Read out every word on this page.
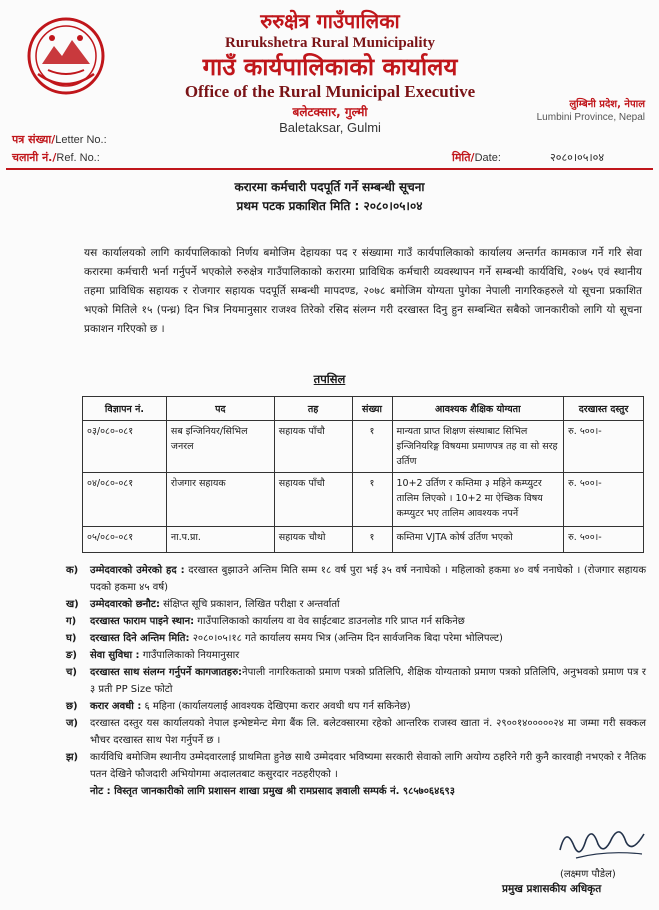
रुरुक्षेत्र गाउँपालिका
Rurukshetra Rural Municipality
गाउँ कार्यपालिकाको कार्यालय
Office of the Rural Municipal Executive
बलेटक्सार, गुल्मी
Baletaksar, Gulmi
लुम्बिनी प्रदेश, नेपाल
Lumbini Province, Nepal
पत्र संख्या/Letter No.:
चलानी नं./Ref. No.:	मिति/Date:	२०८०।०५।०४
करारमा कर्मचारी पदपूर्ति गर्ने सम्बन्धी सूचना
प्रथम पटक प्रकाशित मिति : २०८०।०५।०४
यस कार्यालयको लागि कार्यपालिकाको निर्णय बमोजिम देहायका पद र संख्यामा गाउँ कार्यपालिकाको कार्यालय अन्तर्गत कामकाज गर्ने गरि सेवा करारमा कर्मचारी भर्ना गर्नुपर्ने भएकोले रुरुक्षेत्र गाउँपालिकाको करारमा प्राविधिक कर्मचारी व्यवस्थापन गर्ने सम्बन्धी कार्यविधि, २०७५ एवं स्थानीय तहमा प्राविधिक सहायक र रोजगार सहायक पदपूर्ति सम्बन्धी मापदण्ड, २०७८ बमोजिम योग्यता पुगेका नेपाली नागरिकहरुले यो सूचना प्रकाशित भएको मितिले १५ (पन्ध्र) दिन भित्र नियमानुसार राजश्व तिरेको रसिद संलग्न गरी दरखास्त दिनु हुन सम्बन्धित सबैको जानकारीको लागि यो सूचना प्रकाशन गरिएको छ ।
तपसिल
विज्ञापन नं.	पद	तह	संख्या	आवश्यक शैक्षिक योग्यता	दरखास्त दस्तुर
०३/०८०-०८१	सब इन्जिनियर/सिभिल जनरल	सहायक पाँचौ	१	मान्यता प्राप्त शिक्षण संस्थाबाट सिभिल इन्जिनियरिङ्ग विषयमा प्रमाणपत्र तह वा सो सरह उर्तिण	रु. ५००।-
०४/०८०-०८१	रोजगार सहायक	सहायक पाँचौ	१	10+2 उर्तिण र कम्तिमा ३ महिने कम्प्युटर तालिम लिएको । 10+2 मा ऐच्छिक विषय कम्प्युटर भए तालिम आवश्यक नपर्ने	रु. ५००।-
०५/०८०-०८१	ना.प.प्रा.	सहायक चौथो	१	कम्तिमा VJTA कोर्ष उर्तिण भएको	रु. ५००।-
क)	उम्मेदवारको उमेरको हद : दरखास्त बुझाउने अन्तिम मिति सम्म १८ वर्ष पुरा भई ३५ वर्ष ननाघेको । महिलाको हकमा ४० वर्ष ननाघेको । (रोजगार सहायक पदको हकमा ४५ वर्ष)
ख)	उम्मेदवारको छनौट: संक्षिप्त सूचि प्रकाशन, लिखित परीक्षा र अन्तर्वार्ता
ग)	दरखास्त फाराम पाइने स्थान: गाउँपालिकाको कार्यालय वा वेव साईटबाट डाउनलोड गरि प्राप्त गर्न सकिनेछ
घ)	दरखास्त दिने अन्तिम मिति: २०८०।०५।१८ गते कार्यालय समय भित्र (अन्तिम दिन सार्वजनिक बिदा परेमा भोलिपल्ट)
ङ)	सेवा सुविधा : गाउँपालिकाको नियमानुसार
च)	दरखास्त साथ संलग्न गर्नुपर्ने कागजातहरु:नेपाली नागरिकताको प्रमाण पत्रको प्रतिलिपि, शैक्षिक योग्यताको प्रमाण पत्रको प्रतिलिपि, अनुभवको प्रमाण पत्र र ३ प्रती PP Size फोटो
छ)	करार अवधी : ६ महिना (कार्यालयलाई आवश्यक देखिएमा करार अवधी थप गर्न सकिनेछ)
ज)	दरखास्त दस्तुर यस कार्यालयको नेपाल इन्भेष्टमेन्ट मेगा बैंक लि. बलेटक्सारमा रहेको आन्तरिक राजस्व खाता नं. २९००१४०००००२४ मा जम्मा गरी सक्कल भौचर दरखास्त साथ पेश गर्नुपर्ने छ ।
झ)	कार्यविधि बमोजिम स्थानीय उम्मेदवारलाई प्राथमिता हुनेछ साथै उम्मेदवार भविष्यमा सरकारी सेवाको लागि अयोग्य ठहरिने गरी कुनै कारवाही नभएको र नैतिक पतन देखिने फौजदारी अभियोगमा अदालतबाट कसुरदार नठहरीएको ।
नोट : विस्तृत जानकारीको लागि प्रशासन शाखा प्रमुख श्री रामप्रसाद ज्ञवाली सम्पर्क नं. ९८५७०६४६९३
(लक्ष्मण पौडेल)
प्रमुख प्रशासकीय अधिकृत
